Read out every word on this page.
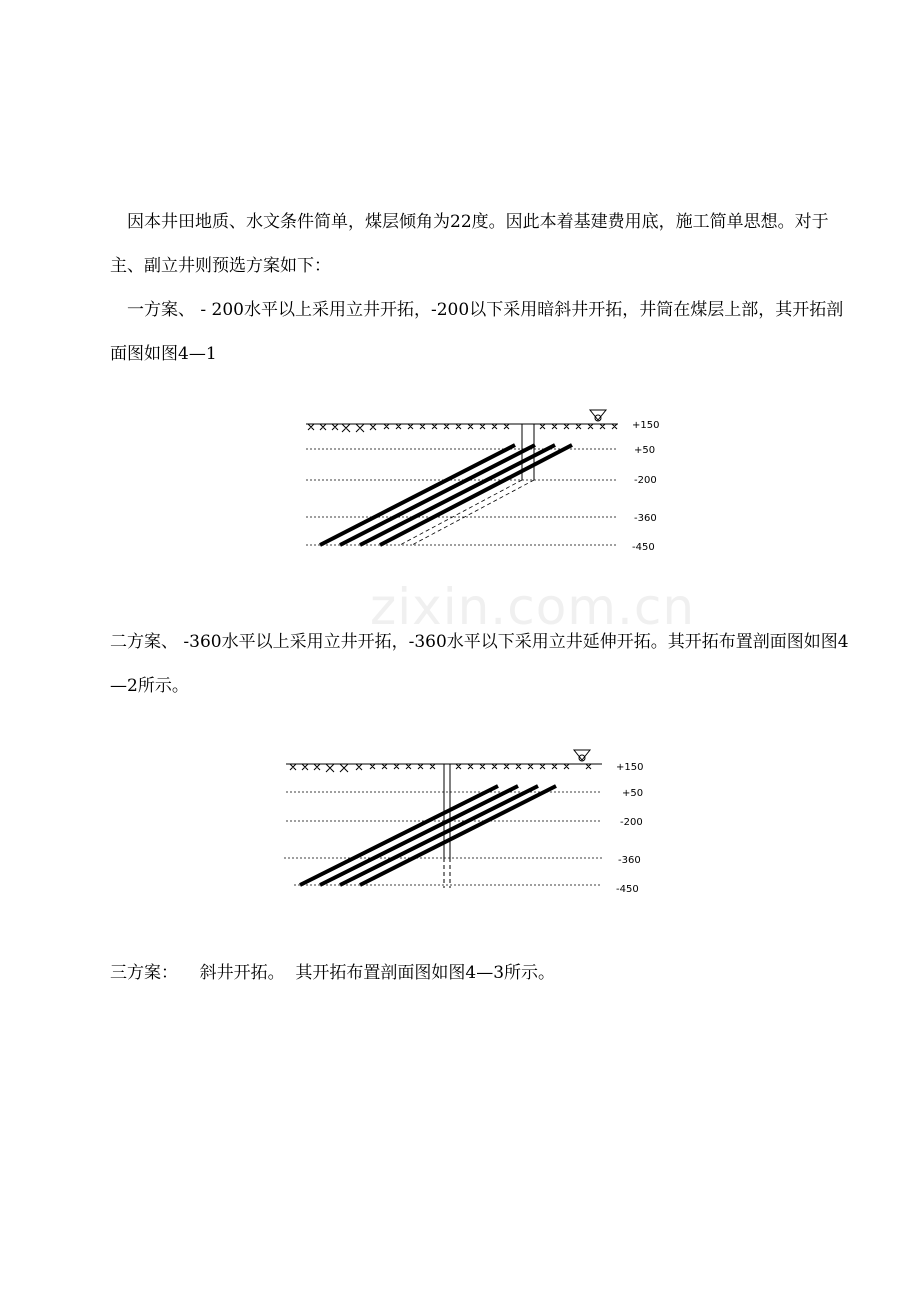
因本井田地质、水文条件简单，煤层倾角为22度。因此本着基建费用底，施工简单思想。对于主、副立井则预选方案如下：

一方案、 - 200水平以上采用立井开拓，-200以下采用暗斜井开拓，井筒在煤层上部，其开拓剖面图如图4—1

+150
+50
-200
-360
-450
zixin.com.cn

二方案、 -360水平以上采用立井开拓，-360水平以下采用立井延伸开拓。其开拓布置剖面图如图4—2所示。

+150
+50
-200
-360
-450

三方案：    斜井开拓。  其开拓布置剖面图如图4—3所示。
